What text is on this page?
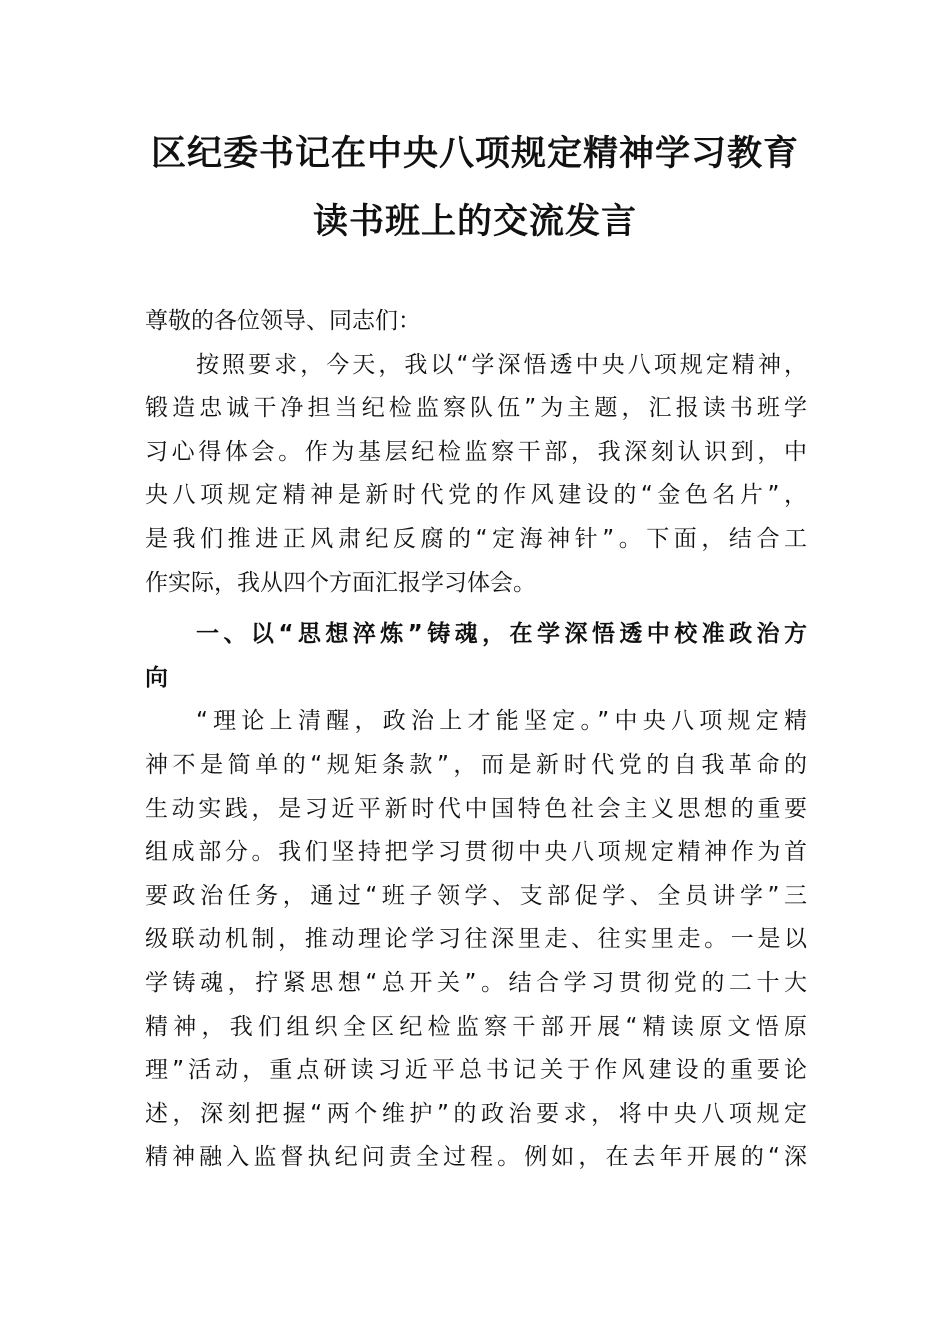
区纪委书记在中央八项规定精神学习教育
读书班上的交流发言
尊敬的各位领导、同志们：
按照要求，今天，我以“学深悟透中央八项规定精神，
锻造忠诚干净担当纪检监察队伍”为主题，汇报读书班学
习心得体会。作为基层纪检监察干部，我深刻认识到，中
央八项规定精神是新时代党的作风建设的“金色名片”，
是我们推进正风肃纪反腐的“定海神针”。下面，结合工
作实际，我从四个方面汇报学习体会。
一、以“思想淬炼”铸魂，在学深悟透中校准政治方
向
“理论上清醒，政治上才能坚定。”中央八项规定精
神不是简单的“规矩条款”，而是新时代党的自我革命的
生动实践，是习近平新时代中国特色社会主义思想的重要
组成部分。我们坚持把学习贯彻中央八项规定精神作为首
要政治任务，通过“班子领学、支部促学、全员讲学”三
级联动机制，推动理论学习往深里走、往实里走。一是以
学铸魂，拧紧思想“总开关”。结合学习贯彻党的二十大
精神，我们组织全区纪检监察干部开展“精读原文悟原
理”活动，重点研读习近平总书记关于作风建设的重要论
述，深刻把握“两个维护”的政治要求，将中央八项规定
精神融入监督执纪问责全过程。例如，在去年开展的“深
